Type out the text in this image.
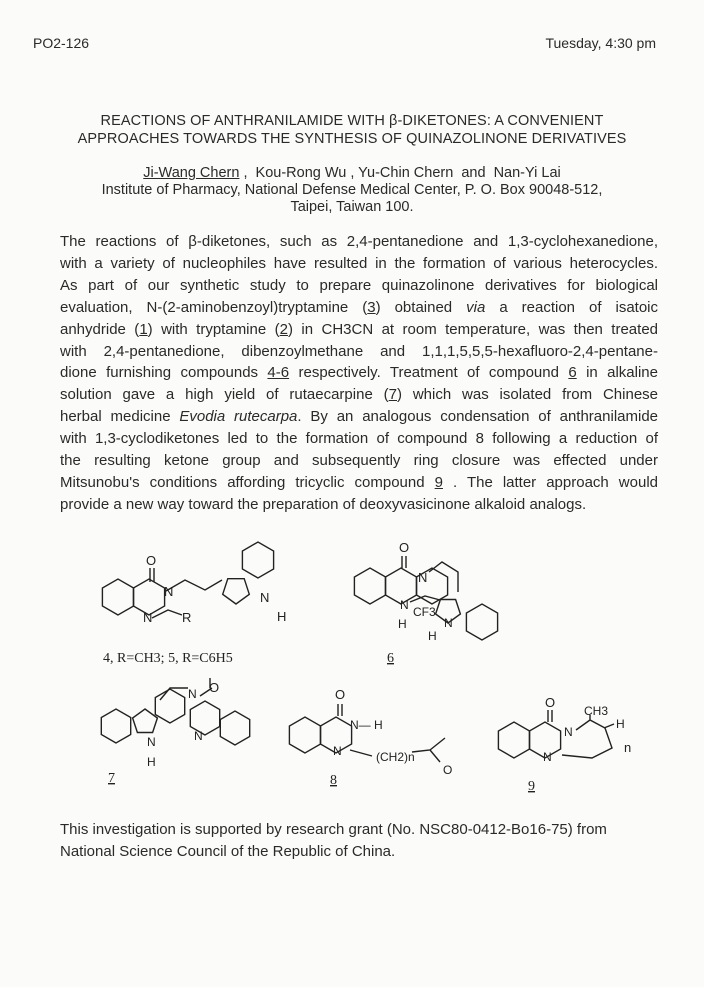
PO2-126	Tuesday, 4:30 pm
REACTIONS OF ANTHRANILAMIDE WITH β-DIKETONES: A CONVENIENT
APPROACHES TOWARDS THE SYNTHESIS OF QUINAZOLINONE DERIVATIVES
Ji-Wang Chern ,  Kou-Rong Wu , Yu-Chin Chern  and  Nan-Yi Lai
Institute of Pharmacy, National Defense Medical Center, P. O. Box 90048-512,
Taipei, Taiwan 100.
The reactions of β-diketones, such as 2,4-pentanedione and 1,3-cyclohexanedione,
with a variety of nucleophiles have resulted in the formation of various heterocycles.
As part of our synthetic study to prepare quinazolinone derivatives for biological
evaluation, N-(2-aminobenzoyl)tryptamine (3) obtained via a reaction of isatoic
anhydride (1) with tryptamine (2) in CH3CN at room temperature, was then treated
with 2,4-pentanedione, dibenzoylmethane and 1,1,1,5,5,5-hexafluoro-2,4-pentane-
dione furnishing compounds 4-6 respectively. Treatment of compound 6 in alkaline
solution gave a high yield of rutaecarpine (7) which was isolated from Chinese
herbal medicine Evodia rutecarpa. By an analogous condensation of anthranilamide
with 1,3-cyclodiketones led to the formation of compound 8 following a reduction of
the resulting ketone group and subsequently ring closure was effected under
Mitsunobu's conditions affording tricyclic compound 9 . The latter approach would
provide a new way toward the preparation of deoxyvasicinone alkaloid analogs.
O
N
N R
N
H
4, R=CH3; 5, R=C6H5
O
N
N
H
CF3
N
H
6
O
N
N
N
H
7
O
N— H
N	(CH2)n
O
8
O
CH3
H
N
N
n
9
This investigation is supported by research grant (No. NSC80-0412-Bo16-75) from
National Science Council of the Republic of China.
